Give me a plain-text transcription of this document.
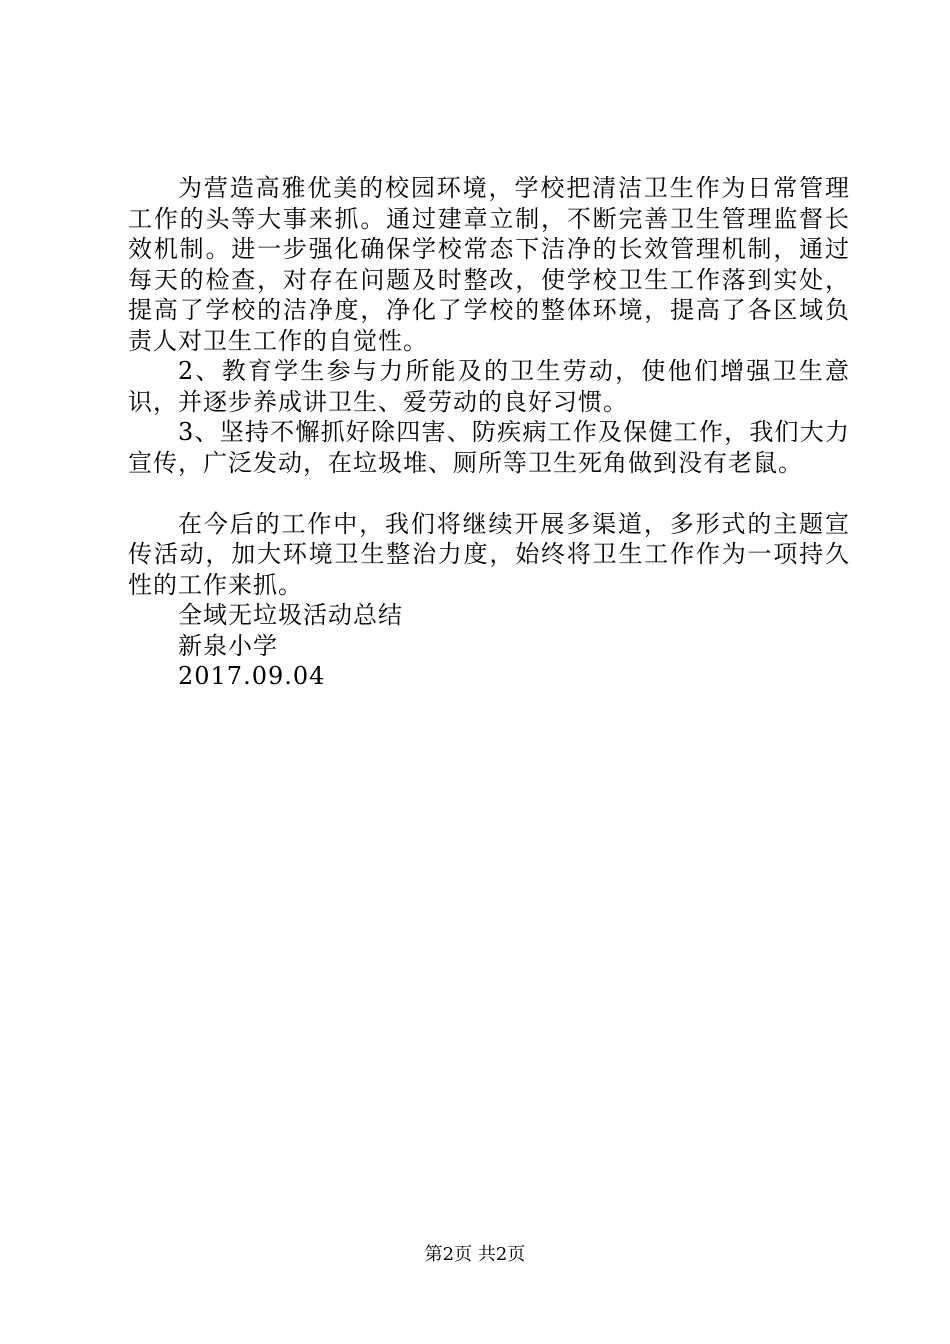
为营造高雅优美的校园环境，学校把清洁卫生作为日常管理工作的头等大事来抓。通过建章立制，不断完善卫生管理监督长效机制。进一步强化确保学校常态下洁净的长效管理机制，通过每天的检查，对存在问题及时整改，使学校卫生工作落到实处，提高了学校的洁净度，净化了学校的整体环境，提高了各区域负责人对卫生工作的自觉性。

2、教育学生参与力所能及的卫生劳动，使他们增强卫生意识，并逐步养成讲卫生、爱劳动的良好习惯。

3、坚持不懈抓好除四害、防疾病工作及保健工作，我们大力宣传，广泛发动，在垃圾堆、厕所等卫生死角做到没有老鼠。

在今后的工作中，我们将继续开展多渠道，多形式的主题宣传活动，加大环境卫生整治力度，始终将卫生工作作为一项持久性的工作来抓。

全域无垃圾活动总结

新泉小学

2017.09.04

第2页 共2页
